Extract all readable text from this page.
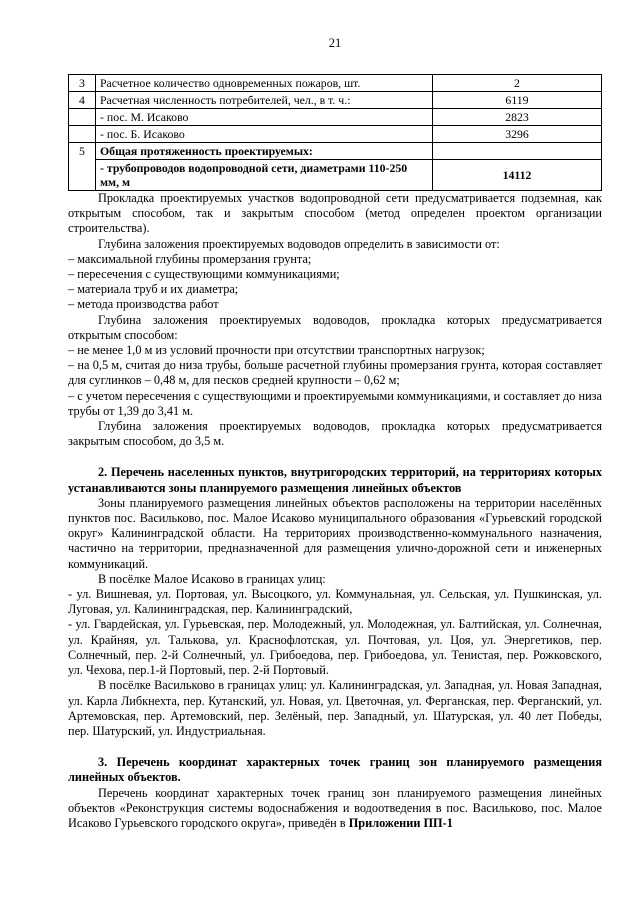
21
3	Расчетное количество одновременных пожаров, шт.	2
4	Расчетная численность потребителей, чел., в т. ч.:	6119
	- пос. М. Исаково	2823
	- пос. Б. Исаково	3296
5	Общая протяженность проектируемых:	
	- трубопроводов водопроводной сети, диаметрами 110-250 мм, м	14112

Прокладка проектируемых участков водопроводной сети предусматривается подземная, как открытым способом, так и закрытым способом (метод определен проектом организации строительства).

Глубина заложения проектируемых водоводов определить в зависимости от:

– максимальной глубины промерзания грунта;

– пересечения с существующими коммуникациями;

– материала труб и их диаметра;

– метода производства работ

Глубина заложения проектируемых водоводов, прокладка которых предусматривается открытым способом:

– не менее 1,0 м из условий прочности при отсутствии транспортных нагрузок;

– на 0,5 м, считая до низа трубы, больше расчетной глубины промерзания грунта, которая составляет для суглинков – 0,48 м, для песков средней крупности – 0,62 м;

– с учетом пересечения с существующими и проектируемыми коммуникациями, и составляет до низа трубы от 1,39 до 3,41 м.

Глубина заложения проектируемых водоводов, прокладка которых предусматривается закрытым способом, до 3,5 м.

2. Перечень населенных пунктов, внутригородских территорий, на территориях которых устанавливаются зоны планируемого размещения линейных объектов

Зоны планируемого размещения линейных объектов расположены на территории населённых пунктов пос. Васильково, пос. Малое Исаково муниципального образования «Гурьевский городской округ» Калининградской области. На территориях производственно-коммунального назначения, частично на территории, предназначенной для размещения улично-дорожной сети и инженерных коммуникаций.

В посёлке Малое Исаково в границах улиц:

- ул. Вишневая, ул. Портовая, ул. Высоцкого, ул. Коммунальная, ул. Сельская, ул. Пушкинская, ул. Луговая, ул. Калининградская, пер. Калининградский,

- ул. Гвардейская, ул. Гурьевская, пер. Молодежный, ул. Молодежная, ул. Балтийская, ул. Солнечная, ул. Крайняя, ул. Талькова, ул. Краснофлотская, ул. Почтовая, ул. Цоя, ул. Энергетиков, пер. Солнечный, пер. 2-й Солнечный, ул. Грибоедова, пер. Грибоедова, ул. Тенистая, пер. Рожковского, ул. Чехова, пер.1-й Портовый, пер. 2-й Портовый.

В посёлке Васильково в границах улиц: ул. Калининградская, ул. Западная, ул. Новая Западная, ул. Карла Либкнехта, пер. Кутанский, ул. Новая, ул. Цветочная, ул. Ферганская, пер. Ферганский, ул. Артемовская, пер. Артемовский, пер. Зелёный, пер. Западный, ул. Шатурская, ул. 40 лет Победы, пер. Шатурский, ул. Индустриальная.

3. Перечень координат характерных точек границ зон планируемого размещения линейных объектов.

Перечень координат характерных точек границ зон планируемого размещения линейных объектов «Реконструкция системы водоснабжения и водоотведения в пос. Васильково, пос. Малое Исаково Гурьевского городского округа», приведён в Приложении ПП-1
